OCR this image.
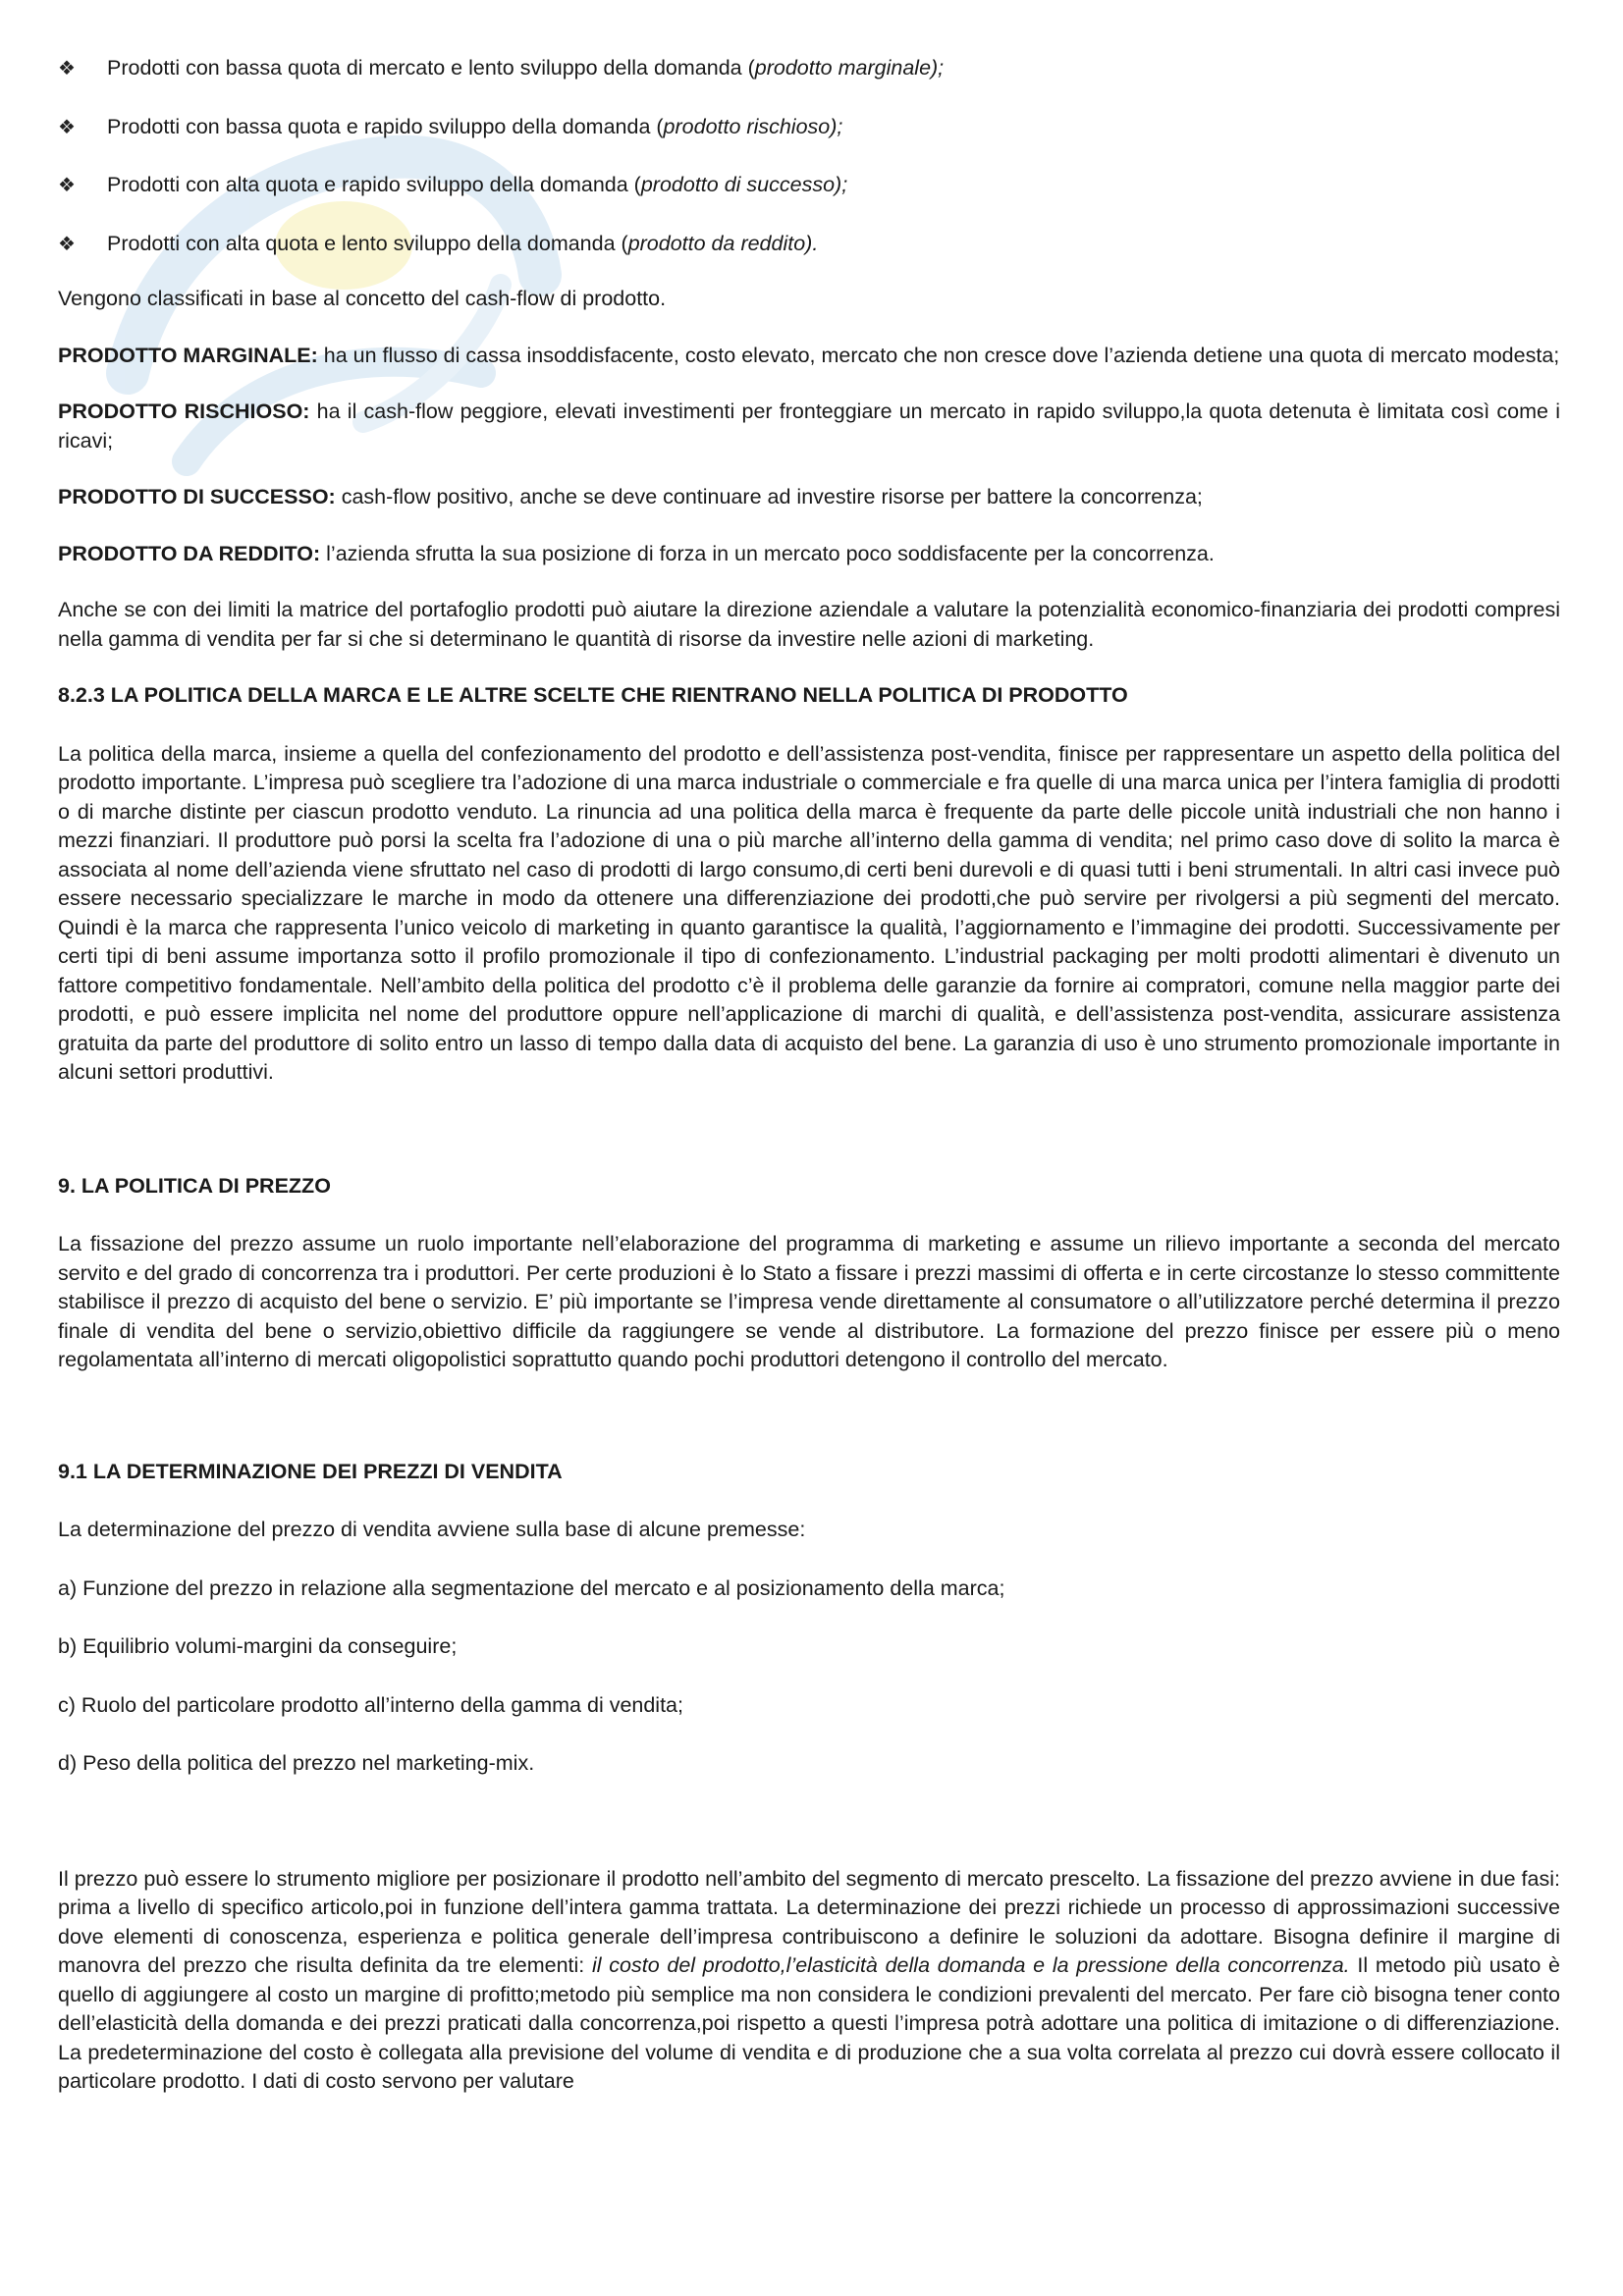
❖	Prodotti con bassa quota di mercato e lento sviluppo della domanda (prodotto marginale);
❖	Prodotti con bassa quota e rapido sviluppo della domanda (prodotto rischioso);
❖	Prodotti con alta quota e rapido sviluppo della domanda (prodotto di successo);
❖	Prodotti con alta quota e lento sviluppo della domanda (prodotto da reddito).

Vengono classificati in base al concetto del cash-flow di prodotto.

PRODOTTO MARGINALE: ha un flusso di cassa insoddisfacente, costo elevato, mercato che non cresce dove l’azienda detiene una quota di mercato modesta;

PRODOTTO RISCHIOSO: ha il cash-flow peggiore, elevati investimenti per fronteggiare un mercato in rapido sviluppo,la quota detenuta è limitata così come i ricavi;

PRODOTTO DI SUCCESSO: cash-flow positivo, anche se deve continuare ad investire risorse per battere la concorrenza;

PRODOTTO DA REDDITO: l’azienda sfrutta la sua posizione di forza in un mercato poco soddisfacente per la concorrenza.

Anche se con dei limiti la matrice del portafoglio prodotti può aiutare la direzione aziendale a valutare la potenzialità economico-finanziaria dei prodotti compresi nella gamma di vendita per far si che si determinano le quantità di risorse da investire nelle azioni di marketing.

8.2.3 LA POLITICA DELLA MARCA E LE ALTRE SCELTE CHE RIENTRANO NELLA POLITICA DI PRODOTTO

La politica della marca, insieme a quella del confezionamento del prodotto e dell’assistenza post-vendita, finisce per rappresentare un aspetto della politica del prodotto importante. L’impresa può scegliere tra l’adozione di una marca industriale o commerciale e fra quelle di una marca unica per l’intera famiglia di prodotti o di marche distinte per ciascun prodotto venduto. La rinuncia ad una politica della marca è frequente da parte delle piccole unità industriali che non hanno i mezzi finanziari. Il produttore può porsi la scelta fra l’adozione di una o più marche all’interno della gamma di vendita; nel primo caso dove di solito la marca è associata al nome dell’azienda viene sfruttato nel caso di prodotti di largo consumo,di certi beni durevoli e di quasi tutti i beni strumentali. In altri casi invece può essere necessario specializzare le marche in modo da ottenere una differenziazione dei prodotti,che può servire per rivolgersi a più segmenti del mercato. Quindi è la marca che rappresenta l’unico veicolo di marketing in quanto garantisce la qualità, l’aggiornamento e l’immagine dei prodotti. Successivamente per certi tipi di beni assume importanza sotto il profilo promozionale il tipo di confezionamento. L’industrial packaging per molti prodotti alimentari è divenuto un fattore competitivo fondamentale. Nell’ambito della politica del prodotto c’è il problema delle garanzie da fornire ai compratori, comune nella maggior parte dei prodotti, e può essere implicita nel nome del produttore oppure nell’applicazione di marchi di qualità, e dell’assistenza post-vendita, assicurare assistenza gratuita da parte del produttore di solito entro un lasso di tempo dalla data di acquisto del bene. La garanzia di uso è uno strumento promozionale importante in alcuni settori produttivi.

9. LA POLITICA DI PREZZO

La fissazione del prezzo assume un ruolo importante nell’elaborazione del programma di marketing e assume un rilievo importante a seconda del mercato servito e del grado di concorrenza tra i produttori. Per certe produzioni è lo Stato a fissare i prezzi massimi di offerta e in certe circostanze lo stesso committente stabilisce il prezzo di acquisto del bene o servizio. E’ più importante se l’impresa vende direttamente al consumatore o all’utilizzatore perché determina il prezzo finale di vendita del bene o servizio,obiettivo difficile da raggiungere se vende al distributore. La formazione del prezzo finisce per essere più o meno regolamentata all’interno di mercati oligopolistici soprattutto quando pochi produttori detengono il controllo del mercato.

9.1 LA DETERMINAZIONE DEI PREZZI DI VENDITA

La determinazione del prezzo di vendita avviene sulla base di alcune premesse:

a) Funzione del prezzo in relazione alla segmentazione del mercato e al posizionamento della marca;

b) Equilibrio volumi-margini da conseguire;

c) Ruolo del particolare prodotto all’interno della gamma di vendita;

d) Peso della politica del prezzo nel marketing-mix.

Il prezzo può essere lo strumento migliore per posizionare il prodotto nell’ambito del segmento di mercato prescelto. La fissazione del prezzo avviene in due fasi: prima a livello di specifico articolo,poi in funzione dell’intera gamma trattata. La determinazione dei prezzi richiede un processo di approssimazioni successive dove elementi di conoscenza, esperienza e politica generale dell’impresa contribuiscono a definire le soluzioni da adottare. Bisogna definire il margine di manovra del prezzo che risulta definita da tre elementi: il costo del prodotto,l’elasticità della domanda e la pressione della concorrenza. Il metodo più usato è quello di aggiungere al costo un margine di profitto;metodo più semplice ma non considera le condizioni prevalenti del mercato. Per fare ciò bisogna tener conto dell’elasticità della domanda e dei prezzi praticati dalla concorrenza,poi rispetto a questi l’impresa potrà adottare una politica di imitazione o di differenziazione. La predeterminazione del costo è collegata alla previsione del volume di vendita e di produzione che a sua volta correlata al prezzo cui dovrà essere collocato il particolare prodotto. I dati di costo servono per valutare
